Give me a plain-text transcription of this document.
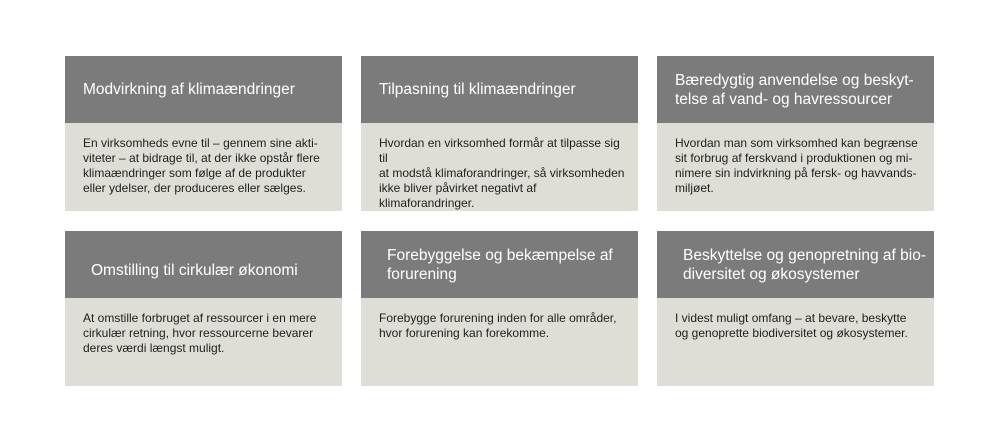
Modvirkning af klimaændringer
En virksomheds evne til – gennem sine akti-
viteter – at bidrage til, at der ikke opstår flere
klimaændringer som følge af de produkter
eller ydelser, der produceres eller sælges.
Tilpasning til klimaændringer
Hvordan en virksomhed formår at tilpasse sig til
at modstå klimaforandringer, så virksomheden
ikke bliver påvirket negativt af klimaforandringer.
Bæredygtig anvendelse og beskyt-
telse af vand- og havressourcer
Hvordan man som virksomhed kan begrænse
sit forbrug af ferskvand i produktionen og mi-
nimere sin indvirkning på fersk- og havvands-
miljøet.
Omstilling til cirkulær økonomi
At omstille forbruget af ressourcer i en mere
cirkulær retning, hvor ressourcerne bevarer
deres værdi længst muligt.
Forebyggelse og bekæmpelse af
forurening
Forebygge forurening inden for alle områder,
hvor forurening kan forekomme.
Beskyttelse og genopretning af bio-
diversitet og økosystemer
I videst muligt omfang – at bevare, beskytte
og genoprette biodiversitet og økosystemer.
